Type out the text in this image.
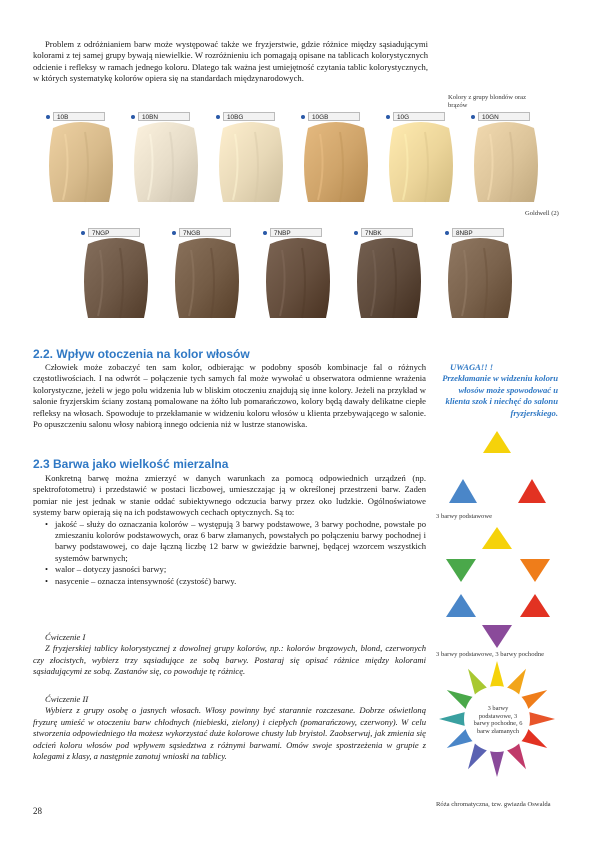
Problem z odróżnianiem barw może występować także we fryzjerstwie, gdzie różnice między sąsiadującymi kolorami z tej samej grupy bywają niewielkie. W rozróżnieniu ich pomagają opisane na tablicach kolorystycznych odcienie i refleksy w ramach jednego koloru. Dlatego tak ważna jest umiejętność czytania tablic kolorystycznych, w których systematykę kolorów opiera się na standardach międzynarodowych.

Kolory z grupy blondów oraz brązów

10B	10BN	10BG	10GB	10G	10GN

Goldwell (2)

7NGP	7NGB	7NBP	7NBK	8NBP
2.2. Wpływ otoczenia na kolor włosów

Człowiek może zobaczyć ten sam kolor, odbierając w podobny sposób kombinacje fal o różnych częstotliwościach. I na odwrót – połączenie tych samych fal może wywołać u obserwatora odmienne wrażenia kolorystyczne, jeżeli w jego polu widzenia lub w bliskim otoczeniu znajdują się inne kolory. Jeżeli na przykład w salonie fryzjerskim ściany zostaną pomalowane na żółto lub pomarańczowo, kolory będą dawały delikatne ciepłe refleksy na włosach. Spowoduje to przekłamanie w widzeniu koloru włosów u klienta przebywającego w salonie. Po opuszczeniu salonu włosy nabiorą innego odcienia niż w lustrze stanowiska.

2.3 Barwa jako wielkość mierzalna

Konkretną barwę można zmierzyć w danych warunkach za pomocą odpowiednich urządzeń (np. spektrofotometru) i przedstawić w postaci liczbowej, umieszczając ją w określonej przestrzeni barw. Zaden pomiar nie jest jednak w stanie oddać subiektywnego odczucia barwy przez oko ludzkie. Ogólnoświatowe systemy barw opierają się na ich podstawowych cechach optycznych. Są to:

• jakość – służy do oznaczania kolorów – występują 3 barwy podstawowe, 3 barwy pochodne, powstałe po zmieszaniu kolorów podstawowych, oraz 6 barw złamanych, powstałych po połączeniu barwy pochodnej i barwy podstawowej, co daje łączną liczbę 12 barw w gwieździe barwnej, będącej wzorcem wszystkich systemów barwnych;
• walor – dotyczy jasności barwy;
• nasycenie – oznacza intensywność (czystość) barwy.

Ćwiczenie I

Z fryzjerskiej tablicy kolorystycznej z dowolnej grupy kolorów, np.: kolorów brązowych, blond, czerwonych czy złocistych, wybierz trzy sąsiadujące ze sobą barwy. Postaraj się opisać różnice między kolorami sąsiadującymi ze sobą. Zastanów się, co powoduje tę różnicę.

Ćwiczenie II

Wybierz z grupy osobę o jasnych włosach. Włosy powinny być starannie rozczesane. Dobrze oświetloną fryzurę umieść w otoczeniu barw chłodnych (niebieski, zielony) i ciepłych (pomarańczowy, czerwony). W celu stworzenia odpowiedniego tła możesz wykorzystać duże kolorowe chusty lub bryistol. Zaobserwuj, jak zmienia się odcień koloru włosów pod wpływem sąsiedztwa z różnymi barwami. Omów swoje spostrzeżenia w grupie z kolegami z klasy, a następnie zanotuj wnioski na tablicy.

28
UWAGA!! !
Przekłamanie w widzeniu koloru włosów może spowodować u klienta szok i niechęć do salonu fryzjerskiego.

3 barwy podstawowe

3 barwy podstawowe, 3 barwy pochodne

3 barwy podstawowe, 3 barwy pochodne, 6 barw złamanych

Róża chromatyczna, tzw. gwiazda Oswalda
